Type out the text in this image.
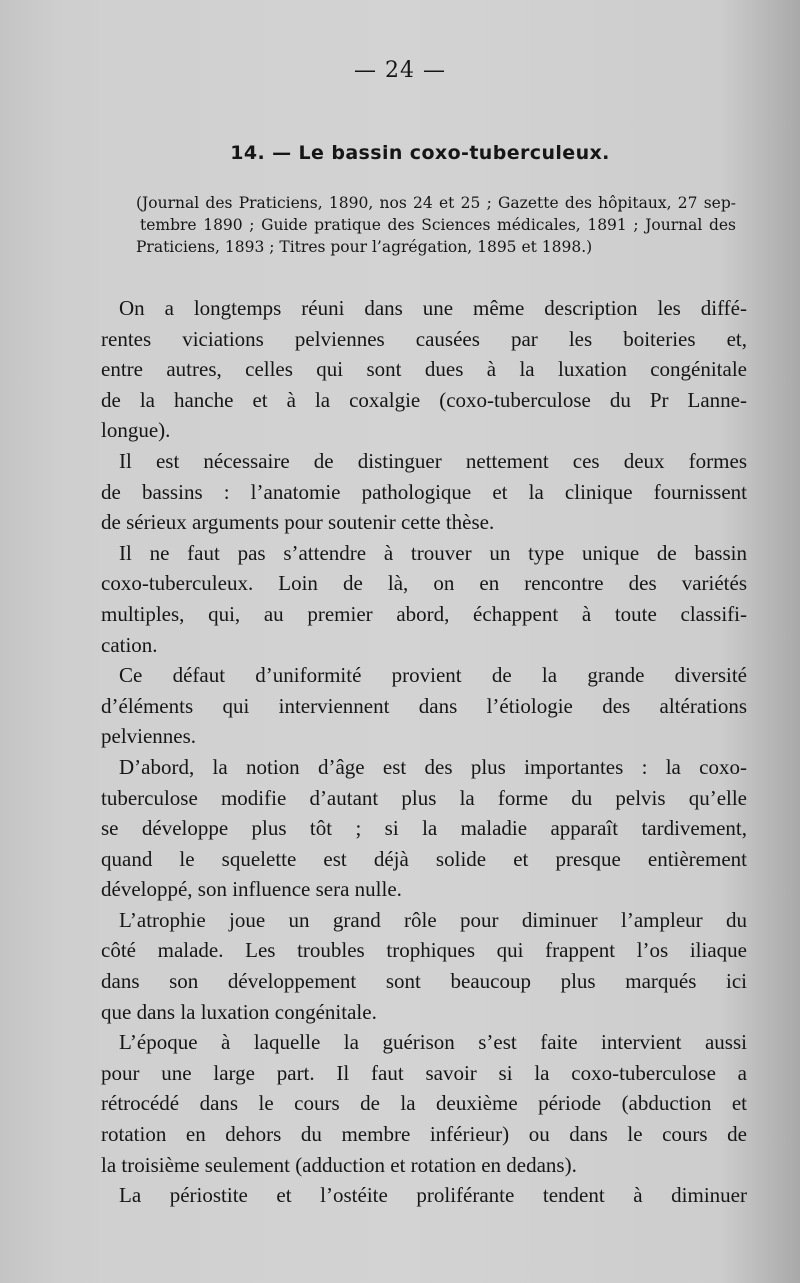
— 24 —
14. — Le bassin coxo-tuberculeux.
(Journal des Praticiens, 1890, nos 24 et 25 ; Gazette des hôpitaux, 27 sep-
tembre 1890 ; Guide pratique des Sciences médicales, 1891 ; Journal des
Praticiens, 1893 ; Titres pour l’agrégation, 1895 et 1898.)
On a longtemps réuni dans une même description les diffé-
rentes viciations pelviennes causées par les boiteries et,
entre autres, celles qui sont dues à la luxation congénitale
de la hanche et à la coxalgie (coxo-tuberculose du Pr Lanne-
longue).
Il est nécessaire de distinguer nettement ces deux formes
de bassins : l’anatomie pathologique et la clinique fournissent
de sérieux arguments pour soutenir cette thèse.
Il ne faut pas s’attendre à trouver un type unique de bassin
coxo-tuberculeux. Loin de là, on en rencontre des variétés
multiples, qui, au premier abord, échappent à toute classifi-
cation.
Ce défaut d’uniformité provient de la grande diversité
d’éléments qui interviennent dans l’étiologie des altérations
pelviennes.
D’abord, la notion d’âge est des plus importantes : la coxo-
tuberculose modifie d’autant plus la forme du pelvis qu’elle
se développe plus tôt ; si la maladie apparaît tardivement,
quand le squelette est déjà solide et presque entièrement
développé, son influence sera nulle.
L’atrophie joue un grand rôle pour diminuer l’ampleur du
côté malade. Les troubles trophiques qui frappent l’os iliaque
dans son développement sont beaucoup plus marqués ici
que dans la luxation congénitale.
L’époque à laquelle la guérison s’est faite intervient aussi
pour une large part. Il faut savoir si la coxo-tuberculose a
rétrocédé dans le cours de la deuxième période (abduction et
rotation en dehors du membre inférieur) ou dans le cours de
la troisième seulement (adduction et rotation en dedans).
La périostite et l’ostéite proliférante tendent à diminuer
